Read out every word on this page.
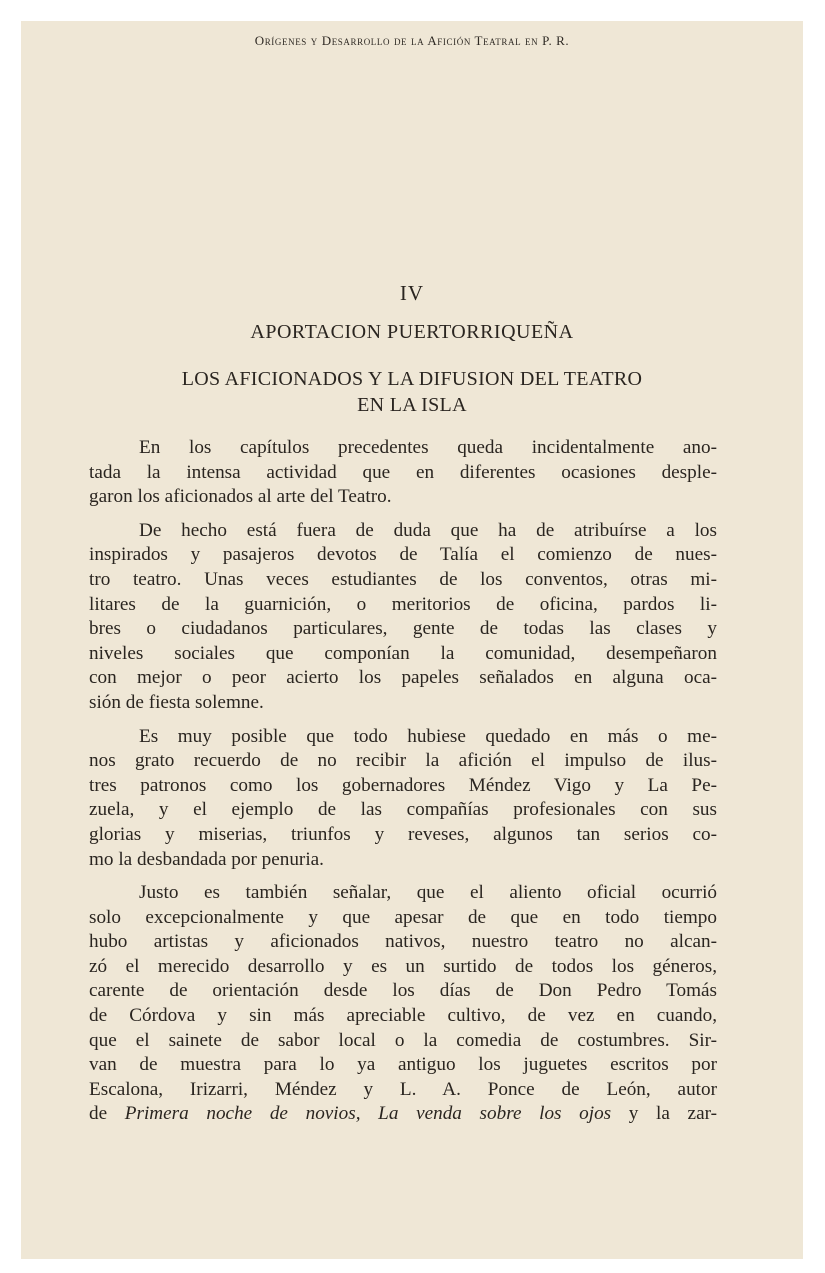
Orígenes y Desarrollo de la Afición Teatral en P. R.
IV
APORTACION PUERTORRIQUEÑA
LOS AFICIONADOS Y LA DIFUSION DEL TEATRO
EN LA ISLA
En los capítulos precedentes queda incidentalmente ano-
tada la intensa actividad que en diferentes ocasiones desple-
garon los aficionados al arte del Teatro.
De hecho está fuera de duda que ha de atribuírse a los
inspirados y pasajeros devotos de Talía el comienzo de nues-
tro teatro. Unas veces estudiantes de los conventos, otras mi-
litares de la guarnición, o meritorios de oficina, pardos li-
bres o ciudadanos particulares, gente de todas las clases y
niveles sociales que componían la comunidad, desempeñaron
con mejor o peor acierto los papeles señalados en alguna oca-
sión de fiesta solemne.
Es muy posible que todo hubiese quedado en más o me-
nos grato recuerdo de no recibir la afición el impulso de ilus-
tres patronos como los gobernadores Méndez Vigo y La Pe-
zuela, y el ejemplo de las compañías profesionales con sus
glorias y miserias, triunfos y reveses, algunos tan serios co-
mo la desbandada por penuria.
Justo es también señalar, que el aliento oficial ocurrió
solo excepcionalmente y que apesar de que en todo tiempo
hubo artistas y aficionados nativos, nuestro teatro no alcan-
zó el merecido desarrollo y es un surtido de todos los géneros,
carente de orientación desde los días de Don Pedro Tomás
de Córdova y sin más apreciable cultivo, de vez en cuando,
que el sainete de sabor local o la comedia de costumbres. Sir-
van de muestra para lo ya antiguo los juguetes escritos por
Escalona, Irizarri, Méndez y L. A. Ponce de León, autor
de Primera noche de novios, La venda sobre los ojos y la zar-
